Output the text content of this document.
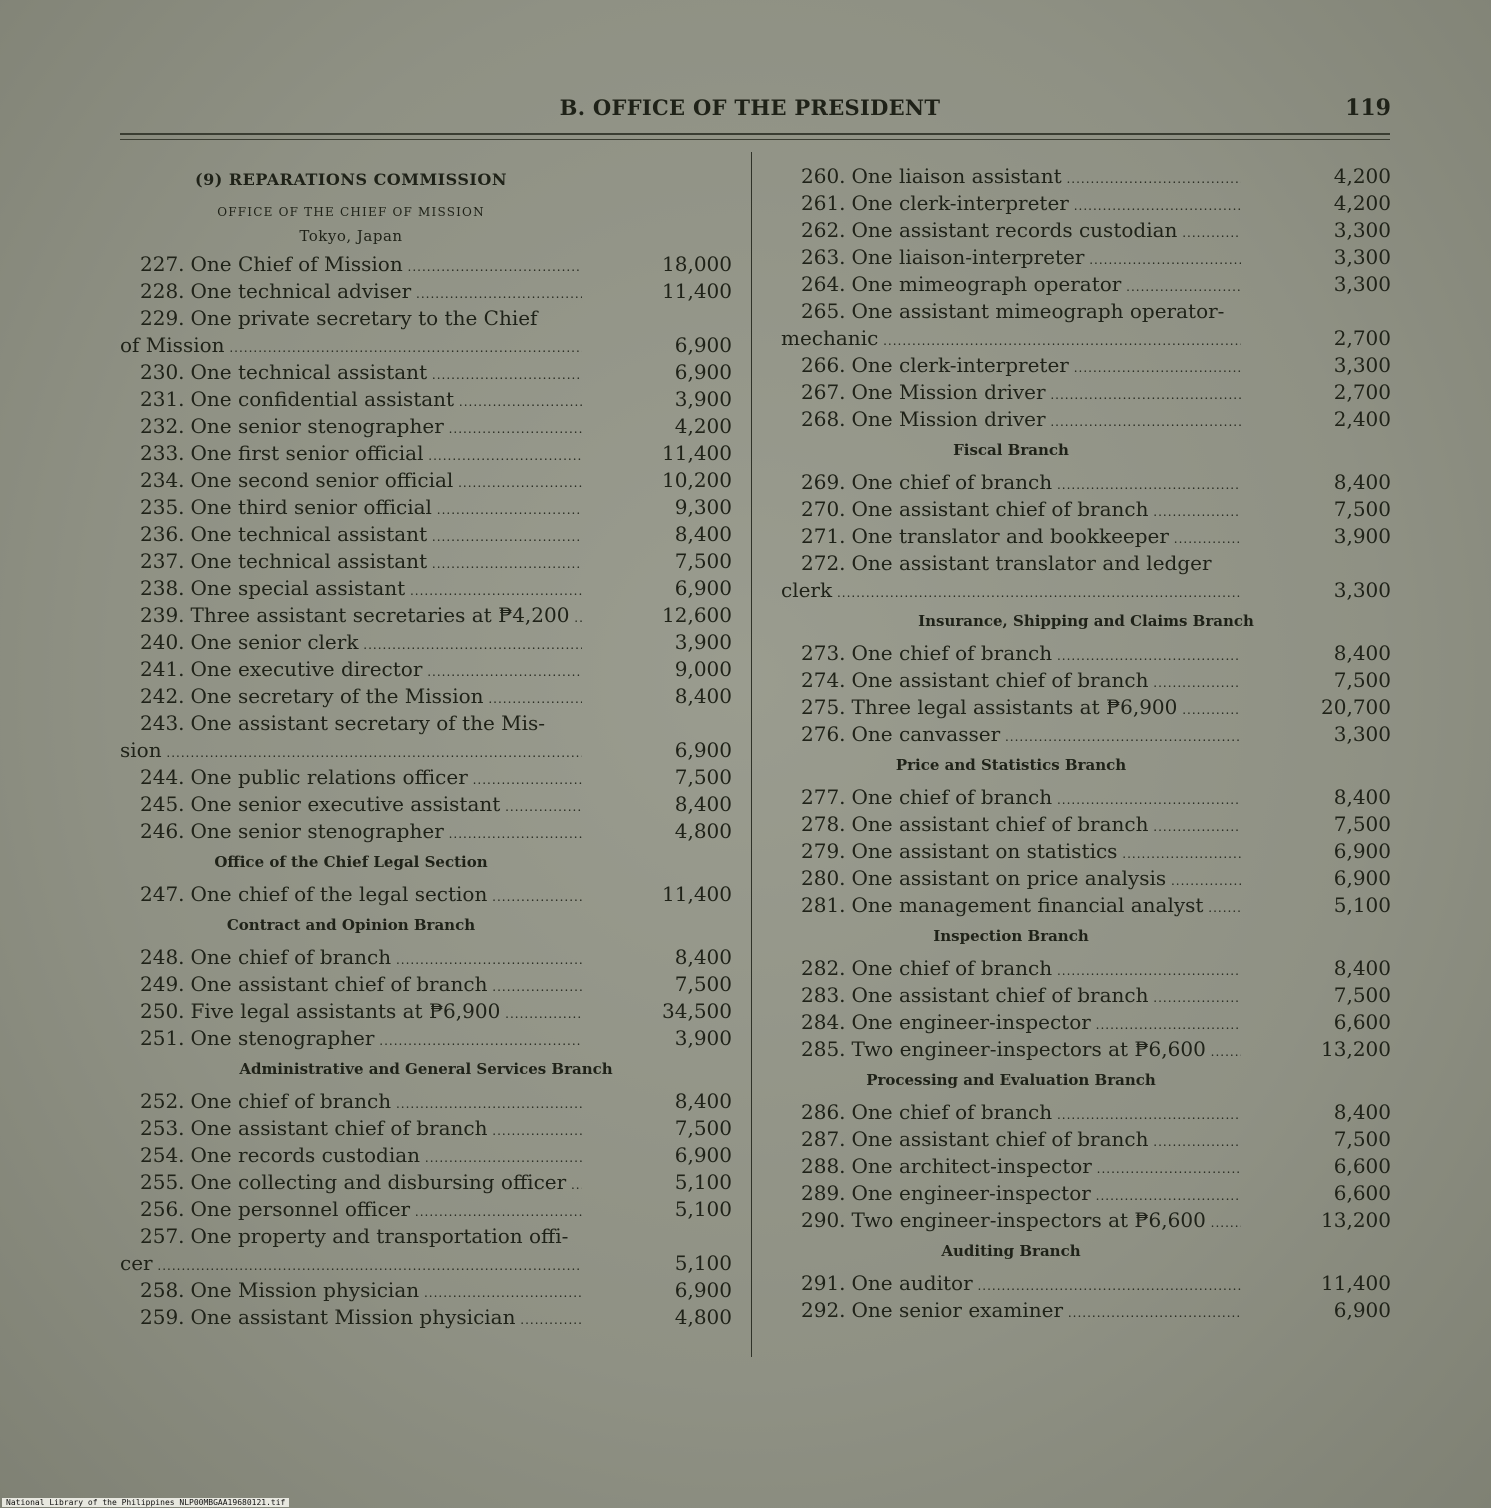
B. OFFICE OF THE PRESIDENT	119
(9) REPARATIONS COMMISSION
OFFICE OF THE CHIEF OF MISSION
Tokyo, Japan
227. One Chief of Mission .....	18,000
228. One technical adviser .....	11,400
229. One private secretary to the Chief
of Mission .....	6,900
230. One technical assistant .....	6,900
231. One confidential assistant .....	3,900
232. One senior stenographer .....	4,200
233. One first senior official .....	11,400
234. One second senior official .....	10,200
235. One third senior official .....	9,300
236. One technical assistant .....	8,400
237. One technical assistant .....	7,500
238. One special assistant .....	6,900
239. Three assistant secretaries at ₱4,200 .....	12,600
240. One senior clerk .....	3,900
241. One executive director .....	9,000
242. One secretary of the Mission .....	8,400
243. One assistant secretary of the Mis-
sion .....	6,900
244. One public relations officer .....	7,500
245. One senior executive assistant .....	8,400
246. One senior stenographer .....	4,800
Office of the Chief Legal Section
247. One chief of the legal section .....	11,400
Contract and Opinion Branch
248. One chief of branch .....	8,400
249. One assistant chief of branch .....	7,500
250. Five legal assistants at ₱6,900 .....	34,500
251. One stenographer .....	3,900
Administrative and General Services Branch
252. One chief of branch .....	8,400
253. One assistant chief of branch .....	7,500
254. One records custodian .....	6,900
255. One collecting and disbursing officer .....	5,100
256. One personnel officer .....	5,100
257. One property and transportation offi-
cer .....	5,100
258. One Mission physician .....	6,900
259. One assistant Mission physician .....	4,800
260. One liaison assistant .....	4,200
261. One clerk-interpreter .....	4,200
262. One assistant records custodian .....	3,300
263. One liaison-interpreter .....	3,300
264. One mimeograph operator .....	3,300
265. One assistant mimeograph operator-
mechanic .....	2,700
266. One clerk-interpreter .....	3,300
267. One Mission driver .....	2,700
268. One Mission driver .....	2,400
Fiscal Branch
269. One chief of branch .....	8,400
270. One assistant chief of branch .....	7,500
271. One translator and bookkeeper .....	3,900
272. One assistant translator and ledger
clerk .....	3,300
Insurance, Shipping and Claims Branch
273. One chief of branch .....	8,400
274. One assistant chief of branch .....	7,500
275. Three legal assistants at ₱6,900 .....	20,700
276. One canvasser .....	3,300
Price and Statistics Branch
277. One chief of branch .....	8,400
278. One assistant chief of branch .....	7,500
279. One assistant on statistics .....	6,900
280. One assistant on price analysis .....	6,900
281. One management financial analyst .....	5,100
Inspection Branch
282. One chief of branch .....	8,400
283. One assistant chief of branch .....	7,500
284. One engineer-inspector .....	6,600
285. Two engineer-inspectors at ₱6,600 .....	13,200
Processing and Evaluation Branch
286. One chief of branch .....	8,400
287. One assistant chief of branch .....	7,500
288. One architect-inspector .....	6,600
289. One engineer-inspector .....	6,600
290. Two engineer-inspectors at ₱6,600 .....	13,200
Auditing Branch
291. One auditor .....	11,400
292. One senior examiner .....	6,900
National Library of the Philippines NLP00MBGAA19680121.tif
